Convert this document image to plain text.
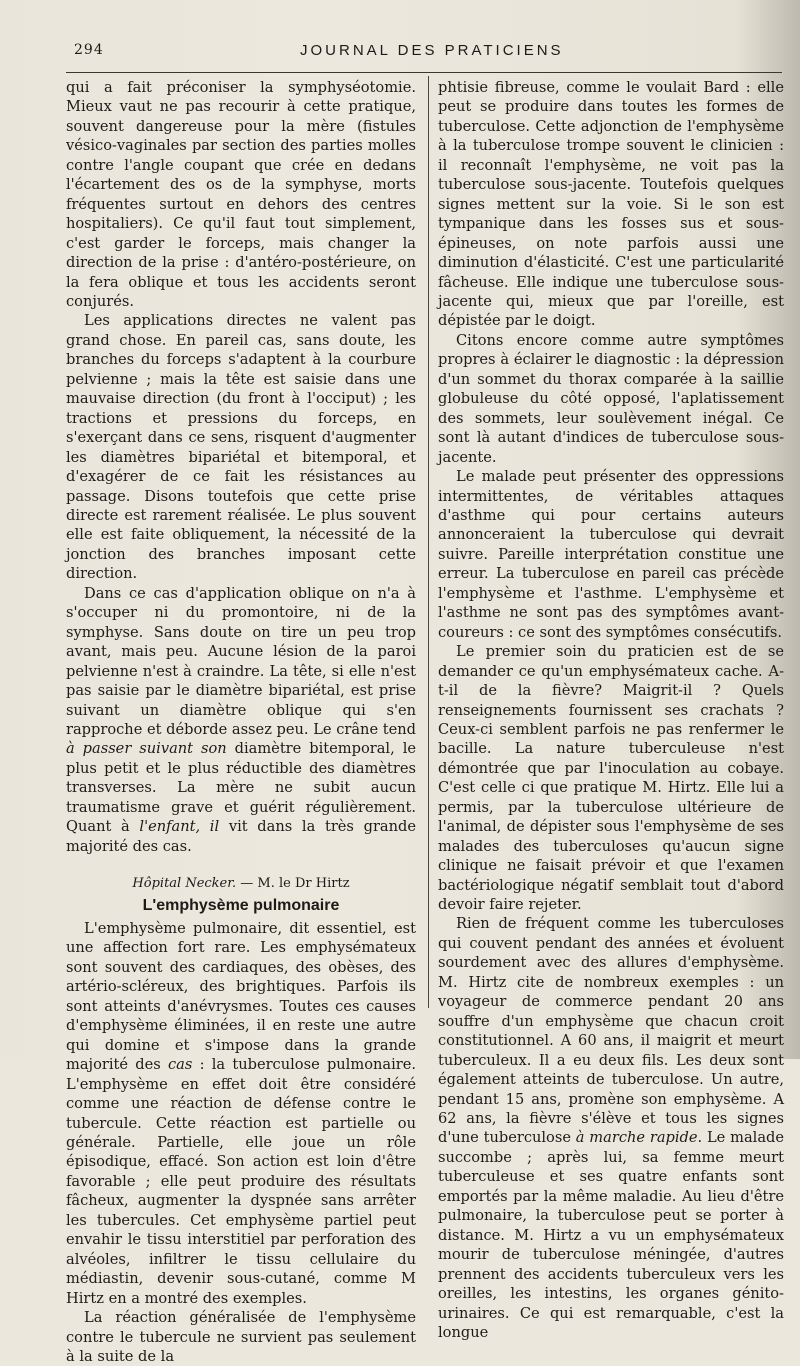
294	JOURNAL DES PRATICIENS

qui a fait préconiser la symphyséotomie. Mieux vaut ne pas recourir à cette pratique, souvent dangereuse pour la mère (fistules vésico-vaginales par section des parties molles contre l'angle coupant que crée en dedans l'écartement des os de la symphyse, morts fréquentes surtout en dehors des centres hospitaliers). Ce qu'il faut tout simplement, c'est garder le forceps, mais changer la direction de la prise : d'antéro-postérieure, on la fera oblique et tous les accidents seront conjurés.

Les applications directes ne valent pas grand chose. En pareil cas, sans doute, les branches du forceps s'adaptent à la courbure pelvienne ; mais la tête est saisie dans une mauvaise direction (du front à l'occiput) ; les tractions et pressions du forceps, en s'exerçant dans ce sens, risquent d'augmenter les diamètres bipariétal et bitemporal, et d'exagérer de ce fait les résistances au passage. Disons toutefois que cette prise directe est rarement réalisée. Le plus souvent elle est faite obliquement, la nécessité de la jonction des branches imposant cette direction.

Dans ce cas d'application oblique on n'a à s'occuper ni du promontoire, ni de la symphyse. Sans doute on tire un peu trop avant, mais peu. Aucune lésion de la paroi pelvienne n'est à craindre. La tête, si elle n'est pas saisie par le diamètre bipariétal, est prise suivant un diamètre oblique qui s'en rapproche et déborde assez peu. Le crâne tend à passer suivant son diamètre bitemporal, le plus petit et le plus réductible des diamètres transverses. La mère ne subit aucun traumatisme grave et guérit régulièrement. Quant à l'enfant, il vit dans la très grande majorité des cas.

Hôpital Necker. — M. le Dr Hirtz
L'emphysème pulmonaire

L'emphysème pulmonaire, dit essentiel, est une affection fort rare. Les emphysémateux sont souvent des cardiaques, des obèses, des artério-scléreux, des brightiques. Parfois ils sont atteints d'anévrysmes. Toutes ces causes d'emphysème éliminées, il en reste une autre qui domine et s'impose dans la grande majorité des cas : la tuberculose pulmonaire. L'emphysème en effet doit être considéré comme une réaction de défense contre le tubercule. Cette réaction est partielle ou générale. Partielle, elle joue un rôle épisodique, effacé. Son action est loin d'être favorable ; elle peut produire des résultats fâcheux, augmenter la dyspnée sans arrêter les tubercules. Cet emphysème partiel peut envahir le tissu interstitiel par perforation des alvéoles, infiltrer le tissu cellulaire du médiastin, devenir sous-cutané, comme M Hirtz en a montré des exemples.

La réaction généralisée de l'emphysème contre le tubercule ne survient pas seulement à la suite de la

phtisie fibreuse, comme le voulait Bard : elle peut se produire dans toutes les formes de tuberculose. Cette adjonction de l'emphysème à la tuberculose trompe souvent le clinicien : il reconnaît l'emphysème, ne voit pas la tuberculose sous-jacente. Toutefois quelques signes mettent sur la voie. Si le son est tympanique dans les fosses sus et sous-épineuses, on note parfois aussi une diminution d'élasticité. C'est une particularité fâcheuse. Elle indique une tuberculose sous-jacente qui, mieux que par l'oreille, est dépistée par le doigt.

Citons encore comme autre symptômes propres à éclairer le diagnostic : la dépression d'un sommet du thorax comparée à la saillie globuleuse du côté opposé, l'aplatissement des sommets, leur soulèvement inégal. Ce sont là autant d'indices de tuberculose sous-jacente.

Le malade peut présenter des oppressions intermittentes, de véritables attaques d'asthme qui pour certains auteurs annonceraient la tuberculose qui devrait suivre. Pareille interprétation constitue une erreur. La tuberculose en pareil cas précède l'emphysème et l'asthme. L'emphysème et l'asthme ne sont pas des symptômes avant-coureurs : ce sont des symptômes consécutifs.

Le premier soin du praticien est de se demander ce qu'un emphysémateux cache. A-t-il de la fièvre? Maigrit-il ? Quels renseignements fournissent ses crachats ? Ceux-ci semblent parfois ne pas renfermer le bacille. La nature tuberculeuse n'est démontrée que par l'inoculation au cobaye. C'est celle ci que pratique M. Hirtz. Elle lui a permis, par la tuberculose ultérieure de l'animal, de dépister sous l'emphysème de ses malades des tuberculoses qu'aucun signe clinique ne faisait prévoir et que l'examen bactériologique négatif semblait tout d'abord devoir faire rejeter.

Rien de fréquent comme les tuberculoses qui couvent pendant des années et évoluent sourdement avec des allures d'emphysème. M. Hirtz cite de nombreux exemples : un voyageur de commerce pendant 20 ans souffre d'un emphysème que chacun croit constitutionnel. A 60 ans, il maigrit et meurt tuberculeux. Il a eu deux fils. Les deux sont également atteints de tuberculose. Un autre, pendant 15 ans, promène son emphysème. A 62 ans, la fièvre s'élève et tous les signes d'une tuberculose à marche rapide. Le malade succombe ; après lui, sa femme meurt tuberculeuse et ses quatre enfants sont emportés par la même maladie. Au lieu d'être pulmonaire, la tuberculose peut se porter à distance. M. Hirtz a vu un emphysémateux mourir de tuberculose méningée, d'autres prennent des accidents tuberculeux vers les oreilles, les intestins, les organes génito-urinaires. Ce qui est remarquable, c'est la longue
